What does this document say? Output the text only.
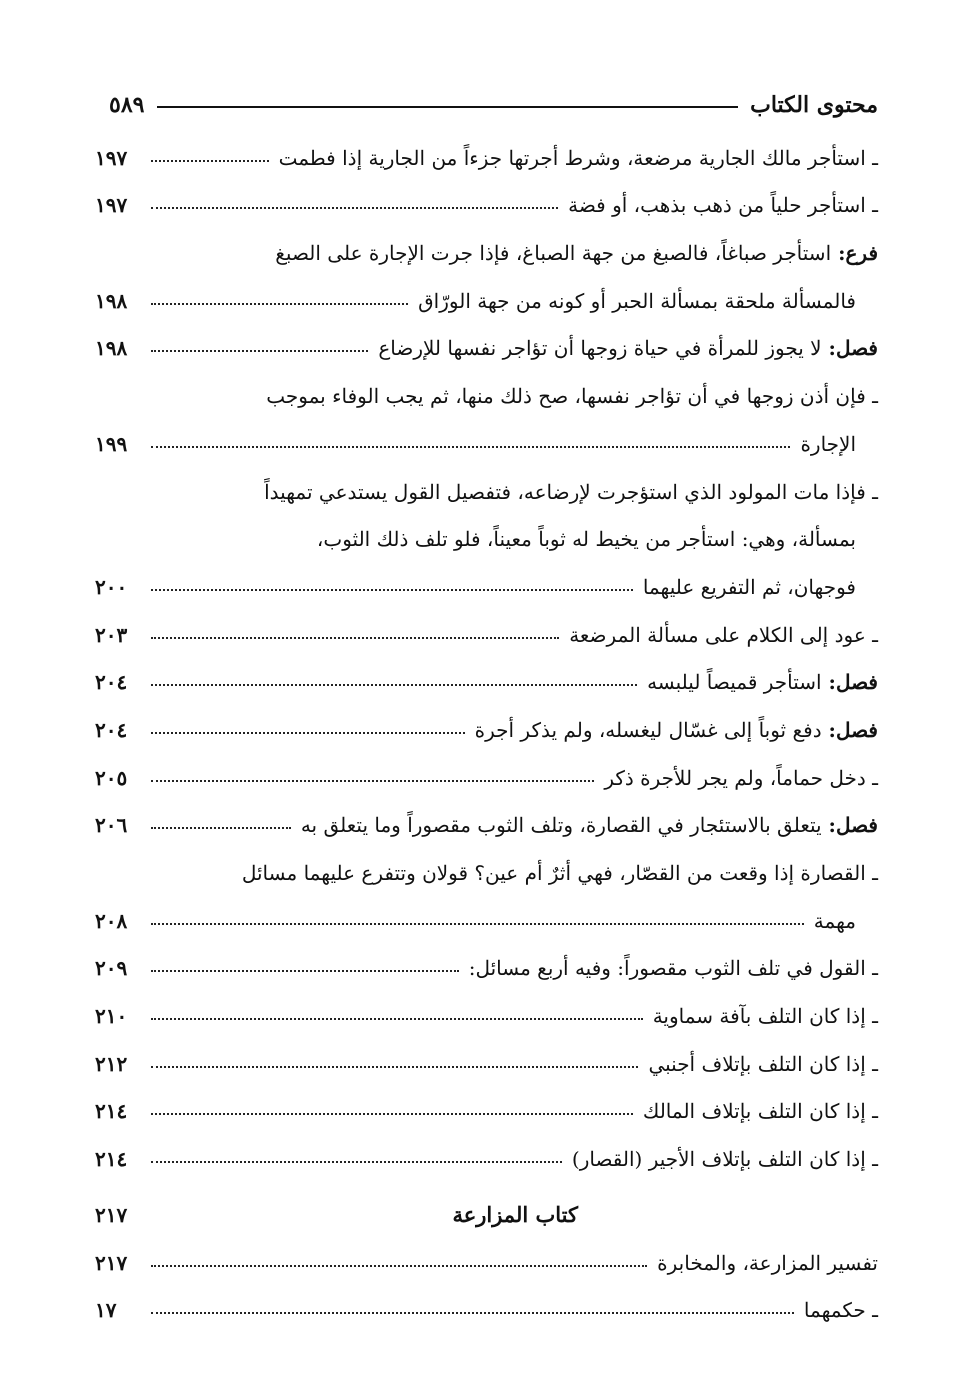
محتوى الكتاب
٥٨٩
ـ استأجر مالك الجارية مرضعة، وشرط أجرتها جزءاً من الجارية إذا فطمت
١٩٧
ـ استأجر حلياً من ذهب بذهب، أو فضة
١٩٧
فرع: استأجر صباغاً، فالصبغ من جهة الصباغ، فإذا جرت الإجارة على الصبغ
فالمسألة ملحقة بمسألة الحبر أو كونه من جهة الورّاق
١٩٨
فصل: لا يجوز للمرأة في حياة زوجها أن تؤاجر نفسها للإرضاع
١٩٨
ـ فإن أذن زوجها في أن تؤاجر نفسها، صح ذلك منها، ثم يجب الوفاء بموجب
الإجارة
١٩٩
ـ فإذا مات المولود الذي استؤجرت لإرضاعه، فتفصيل القول يستدعي تمهيداً
بمسألة، وهي: استأجر من يخيط له ثوباً معيناً، فلو تلف ذلك الثوب،
فوجهان، ثم التفريع عليهما
٢٠٠
ـ عود إلى الكلام على مسألة المرضعة
٢٠٣
فصل: استأجر قميصاً ليلبسه
٢٠٤
فصل: دفع ثوباً إلى غسّال ليغسله، ولم يذكر أجرة
٢٠٤
ـ دخل حماماً، ولم يجر للأجرة ذكر
٢٠٥
فصل: يتعلق بالاستئجار في القصارة، وتلف الثوب مقصوراً وما يتعلق به
٢٠٦
ـ القصارة إذا وقعت من القصّار، فهي أثرٌ أم عين؟ قولان وتتفرع عليهما مسائل
مهمة
٢٠٨
ـ القول في تلف الثوب مقصوراً: وفيه أربع مسائل:
٢٠٩
ـ إذا كان التلف بآفة سماوية
٢١٠
ـ إذا كان التلف بإتلاف أجنبي
٢١٢
ـ إذا كان التلف بإتلاف المالك
٢١٤
ـ إذا كان التلف بإتلاف الأجير (القصار)
٢١٤
كتاب المزارعة
٢١٧
تفسير المزارعة، والمخابرة
٢١٧
ـ حكمهما
١٧
